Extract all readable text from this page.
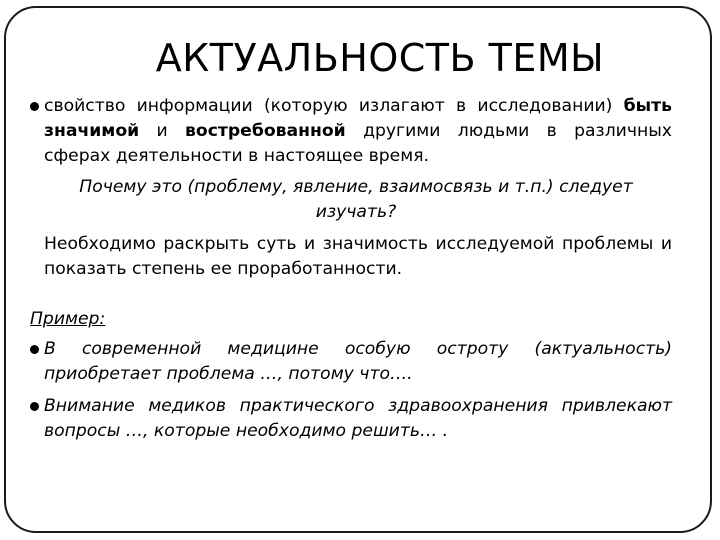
АКТУАЛЬНОСТЬ ТЕМЫ
свойство информации (которую излагают в исследовании) быть значимой и востребованной другими людьми в различных сферах деятельности в настоящее время.
Почему это (проблему, явление, взаимосвязь и т.п.) следует изучать?
Необходимо раскрыть суть и значимость исследуемой проблемы и показать степень ее проработанности.
Пример:
В современной медицине особую остроту (актуальность) приобретает проблема …, потому что….
Внимание медиков практического здравоохранения привлекают вопросы …, которые необходимо решить… .
